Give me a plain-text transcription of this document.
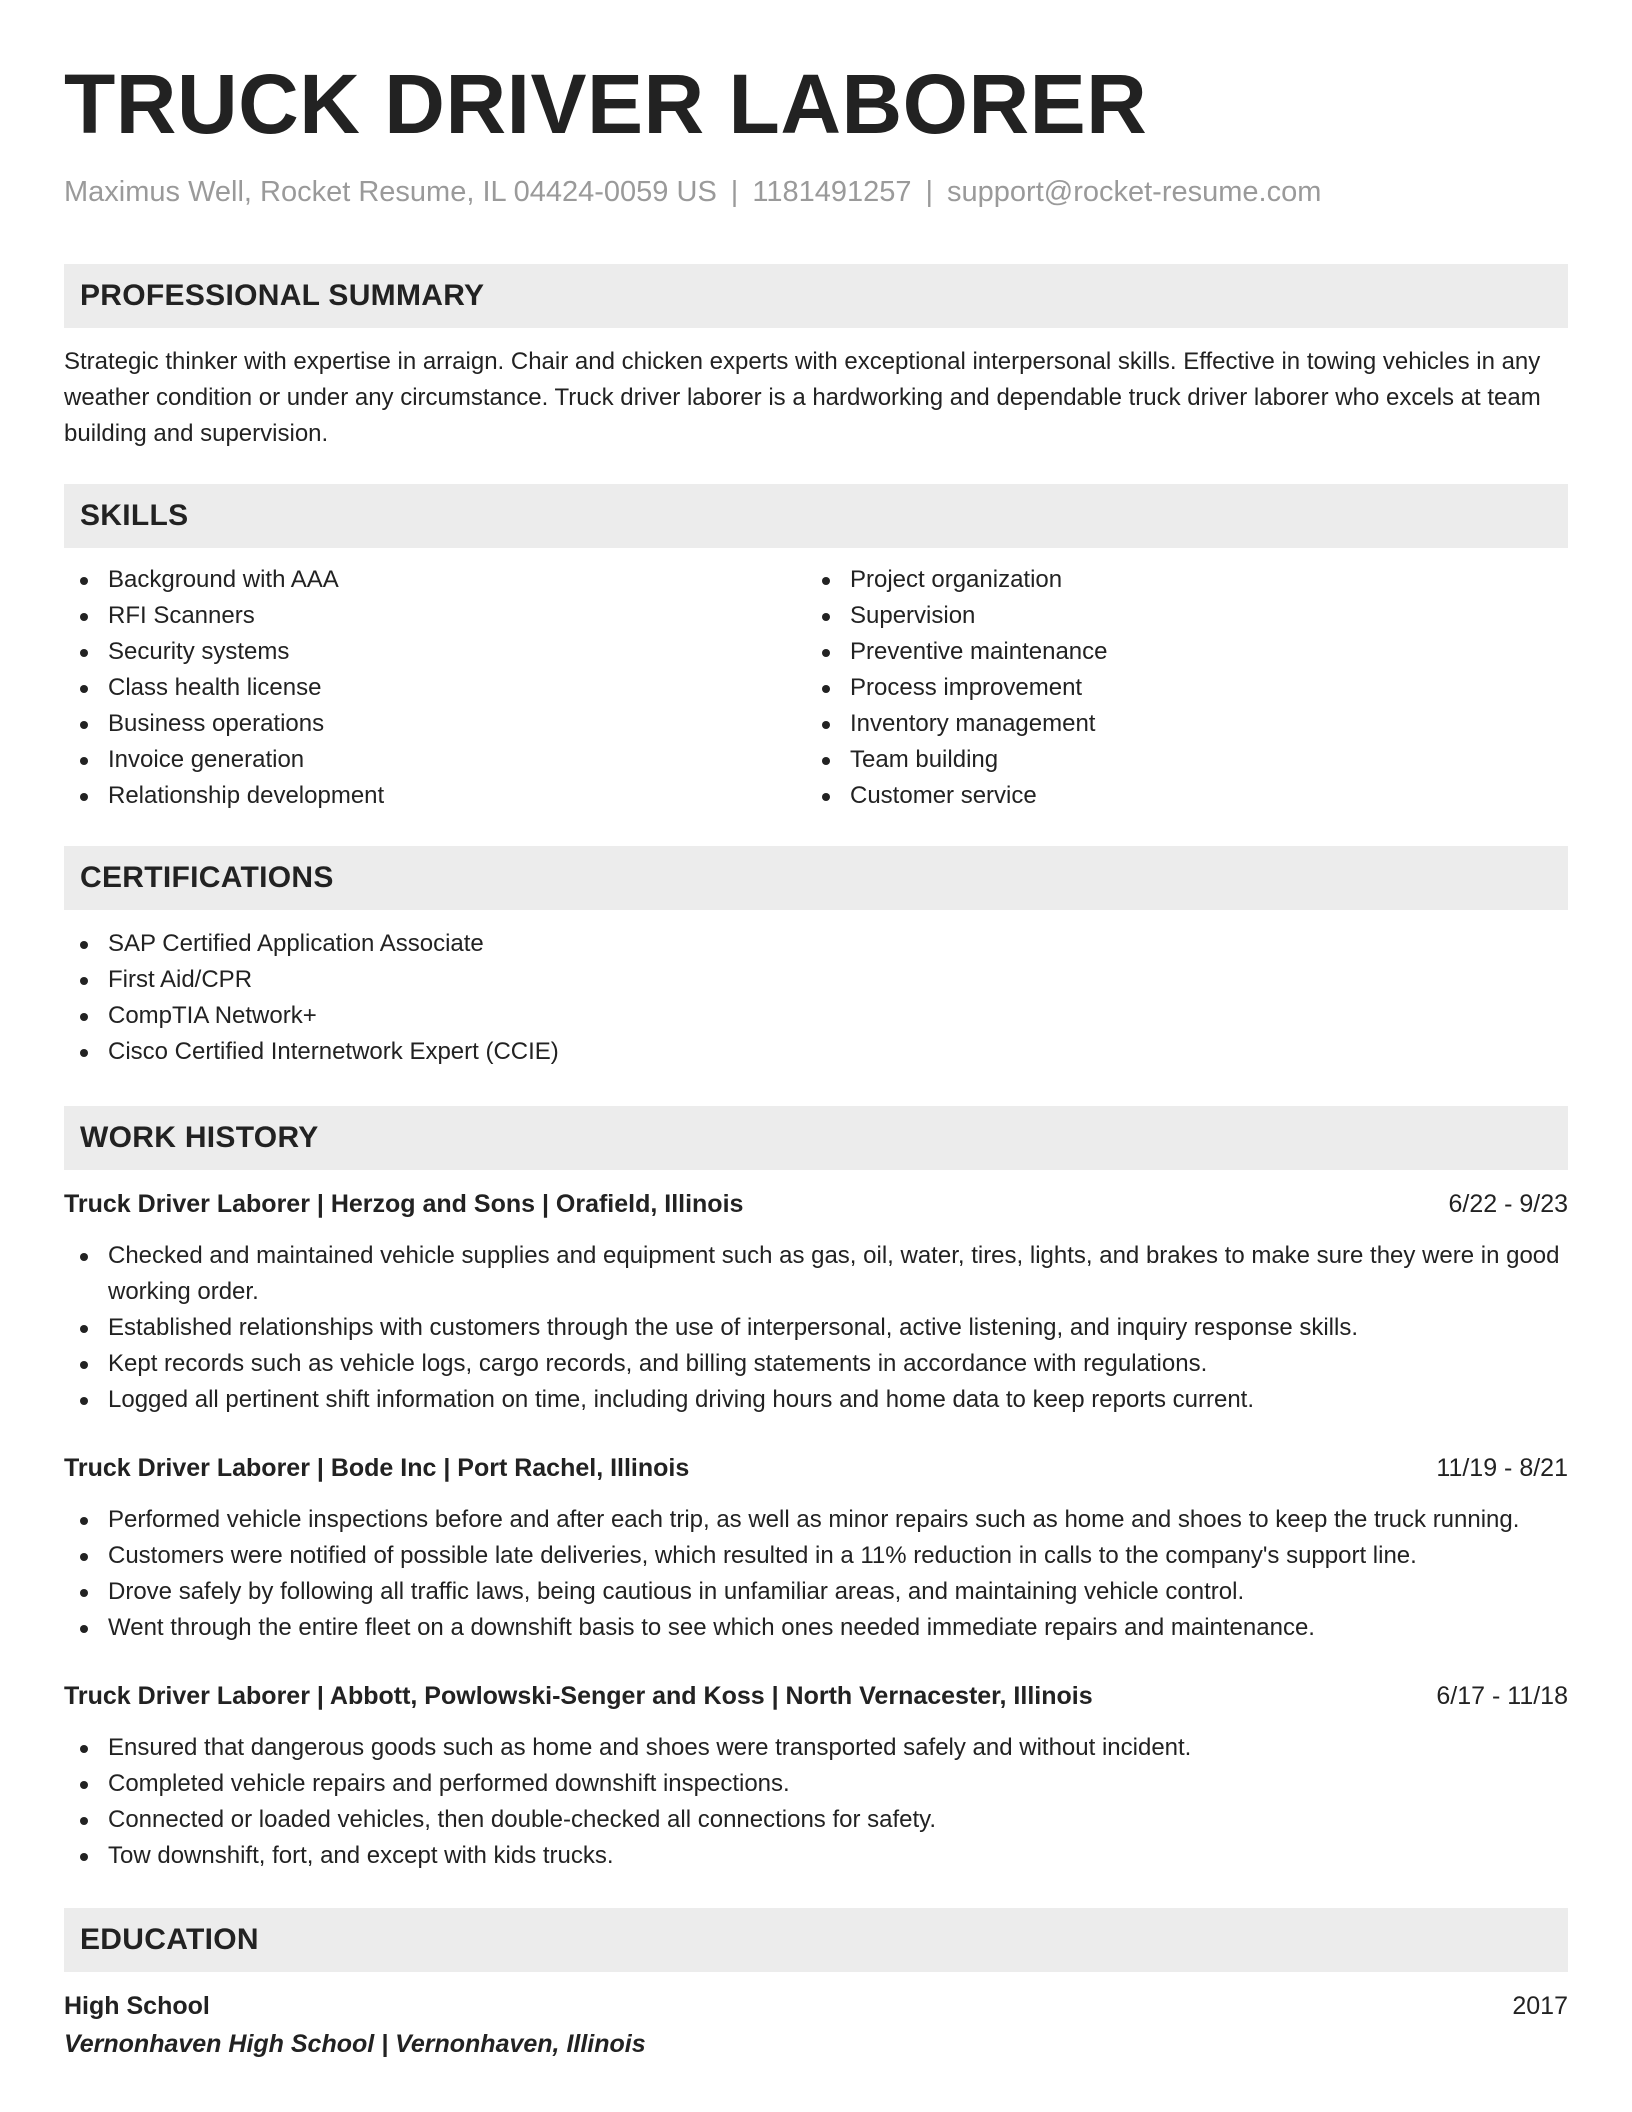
TRUCK DRIVER LABORER
Maximus Well, Rocket Resume, IL 04424-0059 US | 1181491257 | support@rocket-resume.com
PROFESSIONAL SUMMARY
Strategic thinker with expertise in arraign. Chair and chicken experts with exceptional interpersonal skills. Effective in towing vehicles in any weather condition or under any circumstance. Truck driver laborer is a hardworking and dependable truck driver laborer who excels at team building and supervision.
SKILLS
Background with AAA
RFI Scanners
Security systems
Class health license
Business operations
Invoice generation
Relationship development
Project organization
Supervision
Preventive maintenance
Process improvement
Inventory management
Team building
Customer service
CERTIFICATIONS
SAP Certified Application Associate
First Aid/CPR
CompTIA Network+
Cisco Certified Internetwork Expert (CCIE)
WORK HISTORY
Truck Driver Laborer | Herzog and Sons | Orafield, Illinois	6/22 - 9/23
Checked and maintained vehicle supplies and equipment such as gas, oil, water, tires, lights, and brakes to make sure they were in good working order.
Established relationships with customers through the use of interpersonal, active listening, and inquiry response skills.
Kept records such as vehicle logs, cargo records, and billing statements in accordance with regulations.
Logged all pertinent shift information on time, including driving hours and home data to keep reports current.
Truck Driver Laborer | Bode Inc | Port Rachel, Illinois	11/19 - 8/21
Performed vehicle inspections before and after each trip, as well as minor repairs such as home and shoes to keep the truck running.
Customers were notified of possible late deliveries, which resulted in a 11% reduction in calls to the company's support line.
Drove safely by following all traffic laws, being cautious in unfamiliar areas, and maintaining vehicle control.
Went through the entire fleet on a downshift basis to see which ones needed immediate repairs and maintenance.
Truck Driver Laborer | Abbott, Powlowski-Senger and Koss | North Vernacester, Illinois	6/17 - 11/18
Ensured that dangerous goods such as home and shoes were transported safely and without incident.
Completed vehicle repairs and performed downshift inspections.
Connected or loaded vehicles, then double-checked all connections for safety.
Tow downshift, fort, and except with kids trucks.
EDUCATION
High School	2017
Vernonhaven High School | Vernonhaven, Illinois
